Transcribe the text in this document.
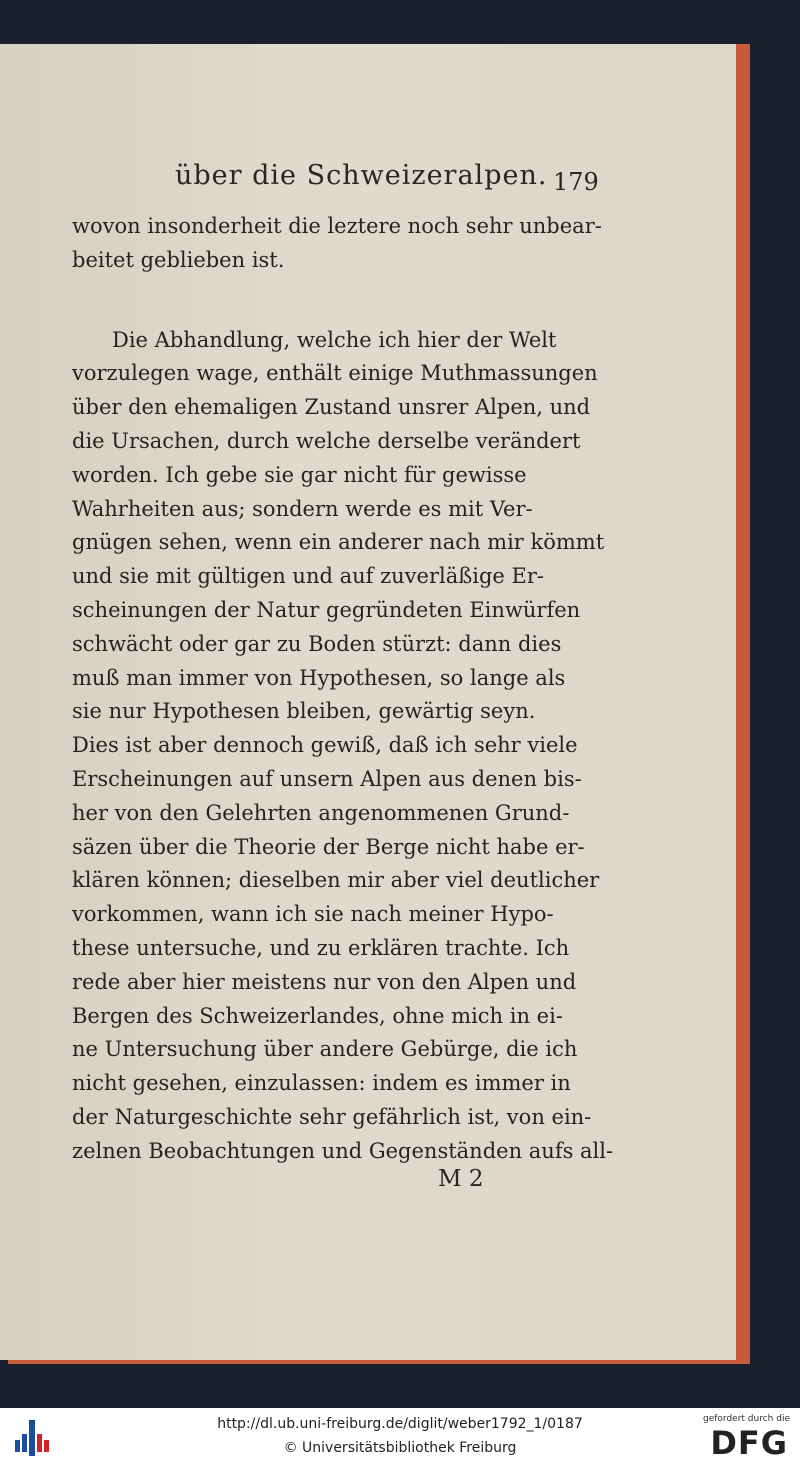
über die Schweizeralpen. 179
wovon insonderheit die leztere noch sehr unbear-
beitet geblieben ist.
Die Abhandlung, welche ich hier der Welt
vorzulegen wage, enthält einige Muthmassungen
über den ehemaligen Zustand unsrer Alpen, und
die Ursachen, durch welche derselbe verändert
worden. Ich gebe sie gar nicht für gewisse
Wahrheiten aus; sondern werde es mit Ver-
gnügen sehen, wenn ein anderer nach mir kömmt
und sie mit gültigen und auf zuverläßige Er-
scheinungen der Natur gegründeten Einwürfen
schwächt oder gar zu Boden stürzt: dann dies
muß man immer von Hypothesen, so lange als
sie nur Hypothesen bleiben, gewärtig seyn.
Dies ist aber dennoch gewiß, daß ich sehr viele
Erscheinungen auf unsern Alpen aus denen bis-
her von den Gelehrten angenommenen Grund-
säzen über die Theorie der Berge nicht habe er-
klären können; dieselben mir aber viel deutlicher
vorkommen, wann ich sie nach meiner Hypo-
these untersuche, und zu erklären trachte. Ich
rede aber hier meistens nur von den Alpen und
Bergen des Schweizerlandes, ohne mich in ei-
ne Untersuchung über andere Gebürge, die ich
nicht gesehen, einzulassen: indem es immer in
der Naturgeschichte sehr gefährlich ist, von ein-
zelnen Beobachtungen und Gegenständen aufs all-
M 2
http://dl.ub.uni-freiburg.de/diglit/weber1792_1/0187
© Universitätsbibliothek Freiburg
gefordert durch die
DFG
